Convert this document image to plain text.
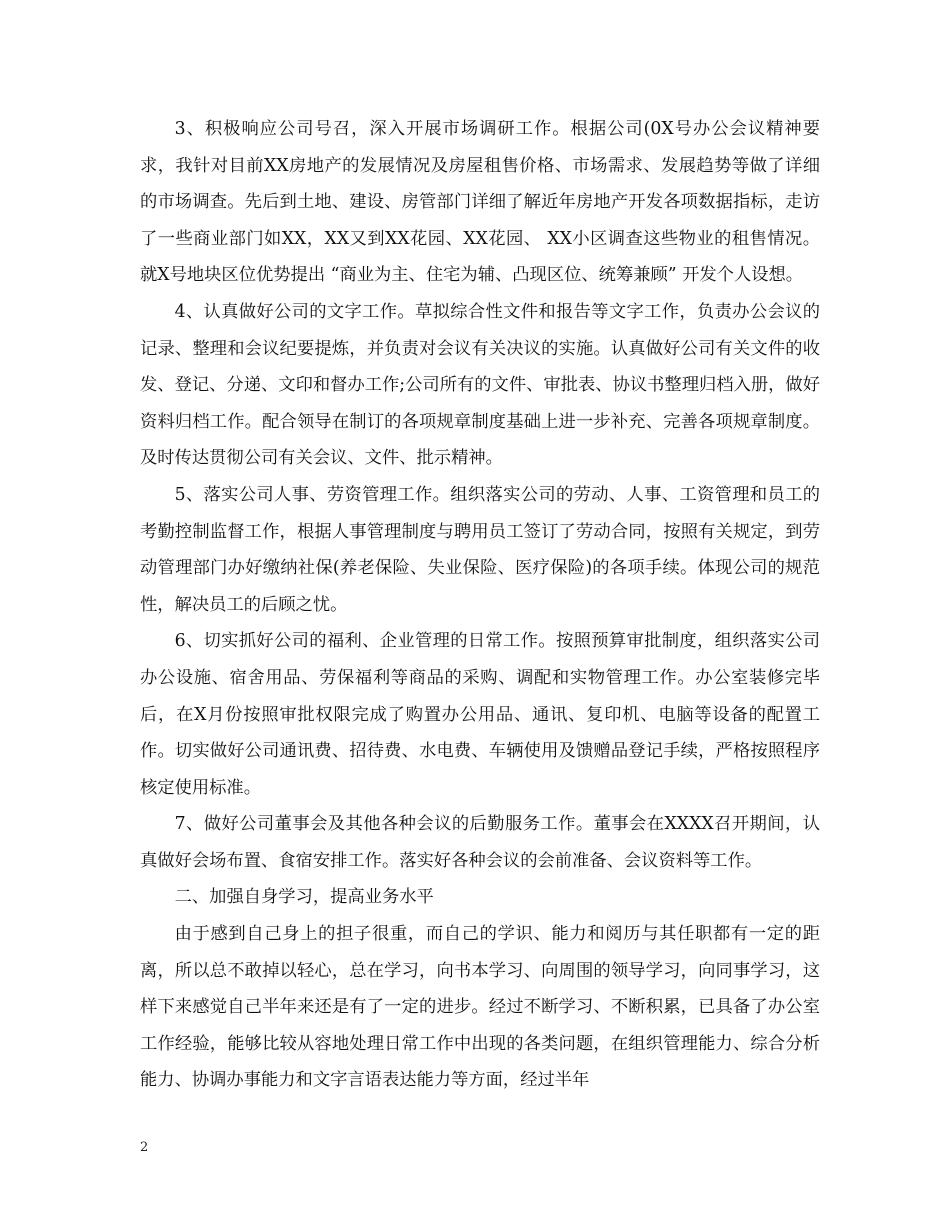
3、积极响应公司号召，深入开展市场调研工作。根据公司(0X号办公会议精神要求，我针对目前XX房地产的发展情况及房屋租售价格、市场需求、发展趋势等做了详细的市场调查。先后到土地、建设、房管部门详细了解近年房地产开发各项数据指标，走访了一些商业部门如XX，XX又到XX花园、XX花园、 XX小区调查这些物业的租售情况。就X号地块区位优势提出 “商业为主、住宅为辅、凸现区位、统筹兼顾” 开发个人设想。

4、认真做好公司的文字工作。草拟综合性文件和报告等文字工作，负责办公会议的记录、整理和会议纪要提炼，并负责对会议有关决议的实施。认真做好公司有关文件的收发、登记、分递、文印和督办工作;公司所有的文件、审批表、协议书整理归档入册，做好资料归档工作。配合领导在制订的各项规章制度基础上进一步补充、完善各项规章制度。及时传达贯彻公司有关会议、文件、批示精神。

5、落实公司人事、劳资管理工作。组织落实公司的劳动、人事、工资管理和员工的考勤控制监督工作，根据人事管理制度与聘用员工签订了劳动合同，按照有关规定，到劳动管理部门办好缴纳社保(养老保险、失业保险、医疗保险)的各项手续。体现公司的规范性，解决员工的后顾之忧。

6、切实抓好公司的福利、企业管理的日常工作。按照预算审批制度，组织落实公司办公设施、宿舍用品、劳保福利等商品的采购、调配和实物管理工作。办公室装修完毕后，在X月份按照审批权限完成了购置办公用品、通讯、复印机、电脑等设备的配置工作。切实做好公司通讯费、招待费、水电费、车辆使用及馈赠品登记手续，严格按照程序核定使用标准。

7、做好公司董事会及其他各种会议的后勤服务工作。董事会在XXXX召开期间，认真做好会场布置、食宿安排工作。落实好各种会议的会前准备、会议资料等工作。

二、加强自身学习，提高业务水平

由于感到自己身上的担子很重，而自己的学识、能力和阅历与其任职都有一定的距离，所以总不敢掉以轻心，总在学习，向书本学习、向周围的领导学习，向同事学习，这样下来感觉自己半年来还是有了一定的进步。经过不断学习、不断积累，已具备了办公室工作经验，能够比较从容地处理日常工作中出现的各类问题，在组织管理能力、综合分析能力、协调办事能力和文字言语表达能力等方面，经过半年

2
